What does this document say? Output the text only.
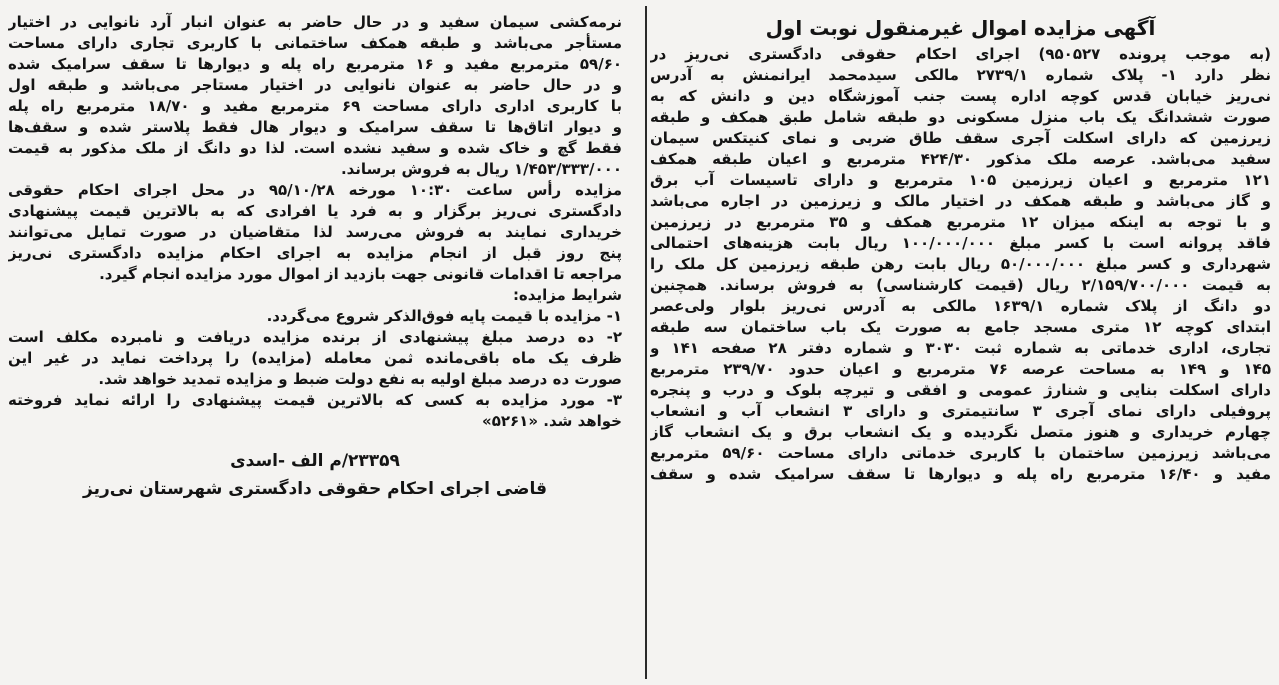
آگهی مزایده اموال غیرمنقول نوبت اول
(به موجب پرونده ۹۵۰۵۲۷) اجرای احکام حقوقی دادگستری نی‌ریز در
نظر دارد ۱- پلاک شماره ۲۷۳۹/۱ مالکی سیدمحمد ایرانمنش به آدرس
نی‌ریز خیابان قدس کوچه اداره پست جنب آموزشگاه دین و دانش که به
صورت ششدانگ یک باب منزل مسکونی دو طبقه شامل طبق همکف و طبقه
زیرزمین که دارای اسکلت آجری سقف طاق ضربی و نمای کنیتکس سیمان
سفید می‌باشد. عرصه ملک مذکور ۴۲۴/۳۰ مترمربع و اعیان طبقه همکف
۱۲۱ مترمربع و اعیان زیرزمین ۱۰۵ مترمربع و دارای تاسیسات آب برق
و گاز می‌باشد و طبقه همکف در اختیار مالک و زیرزمین در اجاره می‌باشد
و با توجه به اینکه میزان ۱۲ مترمربع همکف و ۳۵ مترمربع در زیرزمین
فاقد پروانه است با کسر مبلغ ۱۰۰/۰۰۰/۰۰۰ ریال بابت هزینه‌های احتمالی
شهرداری و کسر مبلغ ۵۰/۰۰۰/۰۰۰ ریال بابت رهن طبقه زیرزمین کل ملک را
به قیمت ۲/۱۵۹/۷۰۰/۰۰۰ ریال (قیمت کارشناسی) به فروش برساند. همچنین
دو دانگ از پلاک شماره ۱۶۳۹/۱ مالکی به آدرس نی‌ریز بلوار ولی‌عصر
ابتدای کوچه ۱۲ متری مسجد جامع به صورت یک باب ساختمان سه طبقه
تجاری، اداری خدماتی به شماره ثبت ۳۰۳۰ و شماره دفتر ۲۸ صفحه ۱۴۱ و
۱۴۵ و ۱۴۹ به مساحت عرصه ۷۶ مترمربع و اعیان حدود ۲۳۹/۷۰ مترمربع
دارای اسکلت بنایی و شنارژ عمومی و افقی و تیرچه بلوک و درب و پنجره
پروفیلی دارای نمای آجری ۳ سانتیمتری و دارای ۳ انشعاب آب و انشعاب
چهارم خریداری و هنوز متصل نگردیده و یک انشعاب برق و یک انشعاب گاز
می‌باشد زیرزمین ساختمان با کاربری خدماتی دارای مساحت ۵۹/۶۰ مترمربع
مفید و ۱۶/۴۰ مترمربع راه پله و دیوارها تا سقف سرامیک شده و سقف
نرمه‌کشی سیمان سفید و در حال حاضر به عنوان انبار آرد نانوایی در اختیار
مستأجر می‌باشد و طبقه همکف ساختمانی با کاربری تجاری دارای مساحت
۵۹/۶۰ مترمربع مفید و ۱۶ مترمربع راه پله و دیوارها تا سقف سرامیک شده
و در حال حاضر به عنوان نانوایی در اختیار مستاجر می‌باشد و طبقه اول
با کاربری اداری دارای مساحت ۶۹ مترمربع مفید و ۱۸/۷۰ مترمربع راه پله
و دیوار اتاق‌ها تا سقف سرامیک و دیوار هال فقط پلاستر شده و سقف‌ها
فقط گچ و خاک شده و سفید نشده است. لذا دو دانگ از ملک مذکور به قیمت
۱/۴۵۳/۳۳۳/۰۰۰ ریال به فروش برساند.
مزایده رأس ساعت ۱۰:۳۰ مورخه ۹۵/۱۰/۲۸ در محل اجرای احکام حقوقی
دادگستری نی‌ریز برگزار و به فرد یا افرادی که به بالاترین قیمت پیشنهادی
خریداری نمایند به فروش می‌رسد لذا متقاضیان در صورت تمایل می‌توانند
پنج روز قبل از انجام مزایده به اجرای احکام مزایده دادگستری نی‌ریز
مراجعه تا اقدامات قانونی جهت بازدید از اموال مورد مزایده انجام گیرد.
شرایط مزایده:
۱- مزایده با قیمت پایه فوق‌الذکر شروع می‌گردد.
۲- ده درصد مبلغ پیشنهادی از برنده مزایده دریافت و نامبرده مکلف است
ظرف یک ماه باقی‌مانده ثمن معامله (مزایده) را پرداخت نماید در غیر این
صورت ده درصد مبلغ اولیه به نفع دولت ضبط و مزایده تمدید خواهد شد.
۳- مورد مزایده به کسی که بالاترین قیمت پیشنهادی را ارائه نماید فروخته
خواهد شد. «۵۲۶۱»
۲۳۳۵۹/م الف -اسدی
قاضی اجرای احکام حقوقی دادگستری شهرستان نی‌ریز
